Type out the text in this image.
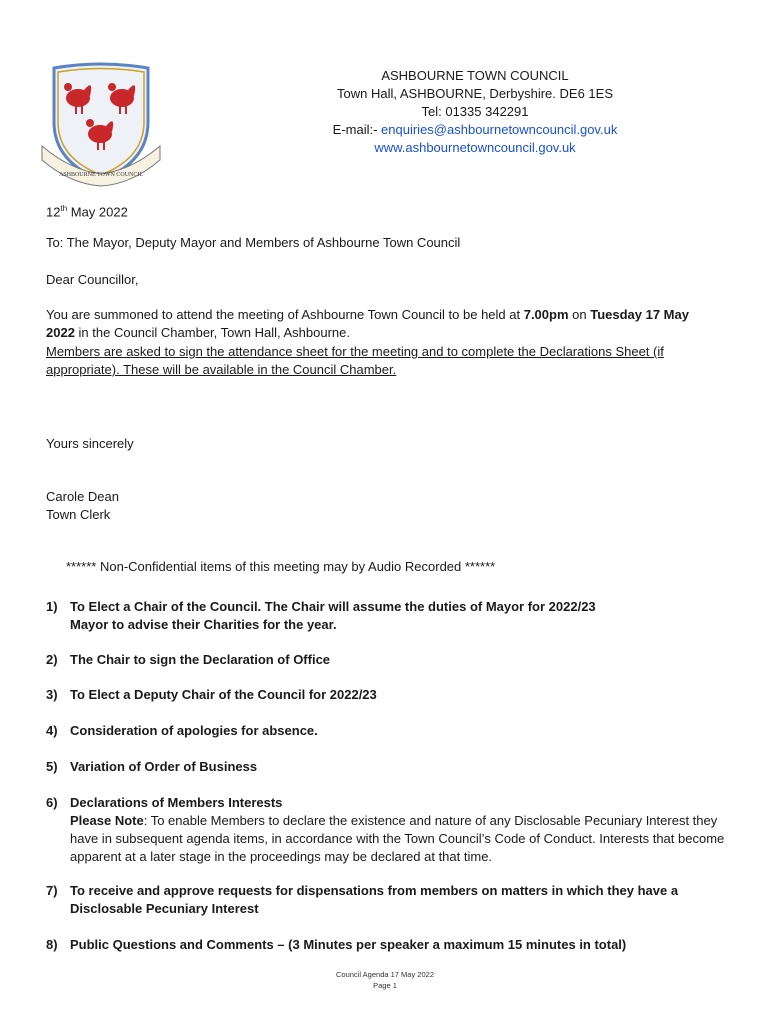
ASHBOURNE TOWN COUNCIL
ASHBOURNE TOWN COUNCIL
Town Hall, ASHBOURNE, Derbyshire. DE6 1ES
Tel: 01335 342291
E-mail:- enquiries@ashbournetowncouncil.gov.uk
www.ashbournetowncouncil.gov.uk
12th May 2022
To: The Mayor, Deputy Mayor and Members of Ashbourne Town Council
Dear Councillor,
You are summoned to attend the meeting of Ashbourne Town Council to be held at 7.00pm on Tuesday 17 May 2022 in the Council Chamber, Town Hall, Ashbourne.
Members are asked to sign the attendance sheet for the meeting and to complete the Declarations Sheet (if appropriate). These will be available in the Council Chamber.
Yours sincerely
Carole Dean
Town Clerk
****** Non-Confidential items of this meeting may by Audio Recorded ******
1) To Elect a Chair of the Council. The Chair will assume the duties of Mayor for 2022/23
Mayor to advise their Charities for the year.
2) The Chair to sign the Declaration of Office
3) To Elect a Deputy Chair of the Council for 2022/23
4) Consideration of apologies for absence.
5) Variation of Order of Business
6) Declarations of Members Interests
Please Note: To enable Members to declare the existence and nature of any Disclosable Pecuniary Interest they have in subsequent agenda items, in accordance with the Town Council’s Code of Conduct. Interests that become apparent at a later stage in the proceedings may be declared at that time.
7) To receive and approve requests for dispensations from members on matters in which they have a Disclosable Pecuniary Interest
8) Public Questions and Comments – (3 Minutes per speaker a maximum 15 minutes in total)
Council Agenda 17 May 2022
Page 1
